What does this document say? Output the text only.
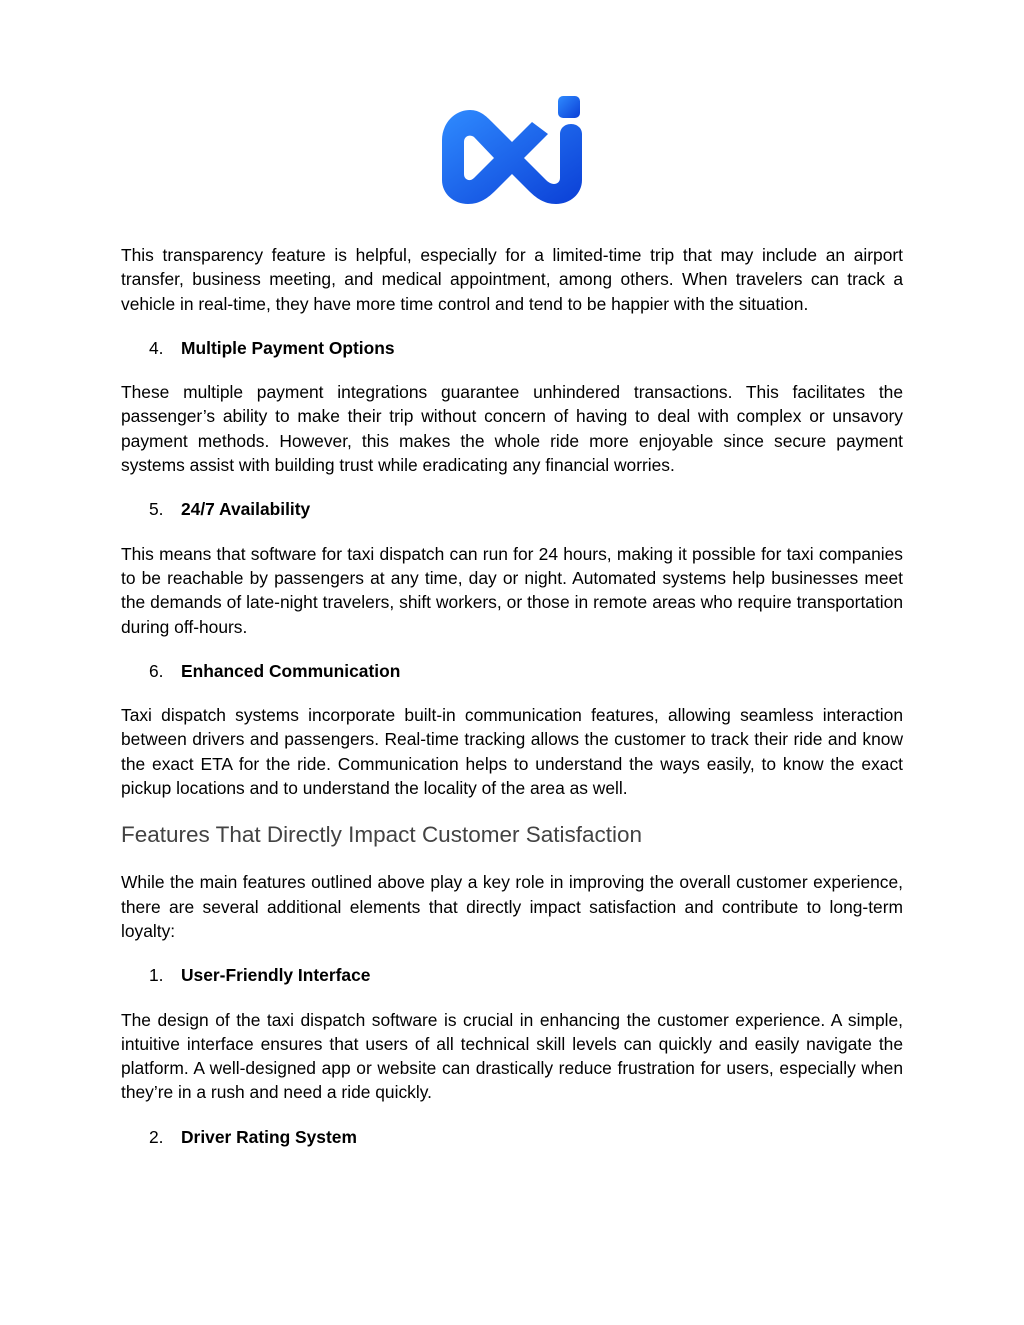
This transparency feature is helpful, especially for a limited-time trip that may include an airport transfer, business meeting, and medical appointment, among others. When travelers can track a vehicle in real-time, they have more time control and tend to be happier with the situation.

4.	Multiple Payment Options

These multiple payment integrations guarantee unhindered transactions. This facilitates the passenger’s ability to make their trip without concern of having to deal with complex or unsavory payment methods. However, this makes the whole ride more enjoyable since secure payment systems assist with building trust while eradicating any financial worries.

5.	24/7 Availability

This means that software for taxi dispatch can run for 24 hours, making it possible for taxi companies to be reachable by passengers at any time, day or night. Automated systems help businesses meet the demands of late-night travelers, shift workers, or those in remote areas who require transportation during off-hours.

6.	Enhanced Communication

Taxi dispatch systems incorporate built-in communication features, allowing seamless interaction between drivers and passengers. Real-time tracking allows the customer to track their ride and know the exact ETA for the ride. Communication helps to understand the ways easily, to know the exact pickup locations and to understand the locality of the area as well.

Features That Directly Impact Customer Satisfaction

While the main features outlined above play a key role in improving the overall customer experience, there are several additional elements that directly impact satisfaction and contribute to long-term loyalty:

1.	User-Friendly Interface

The design of the taxi dispatch software is crucial in enhancing the customer experience. A simple, intuitive interface ensures that users of all technical skill levels can quickly and easily navigate the platform. A well-designed app or website can drastically reduce frustration for users, especially when they’re in a rush and need a ride quickly.

2.	Driver Rating System
